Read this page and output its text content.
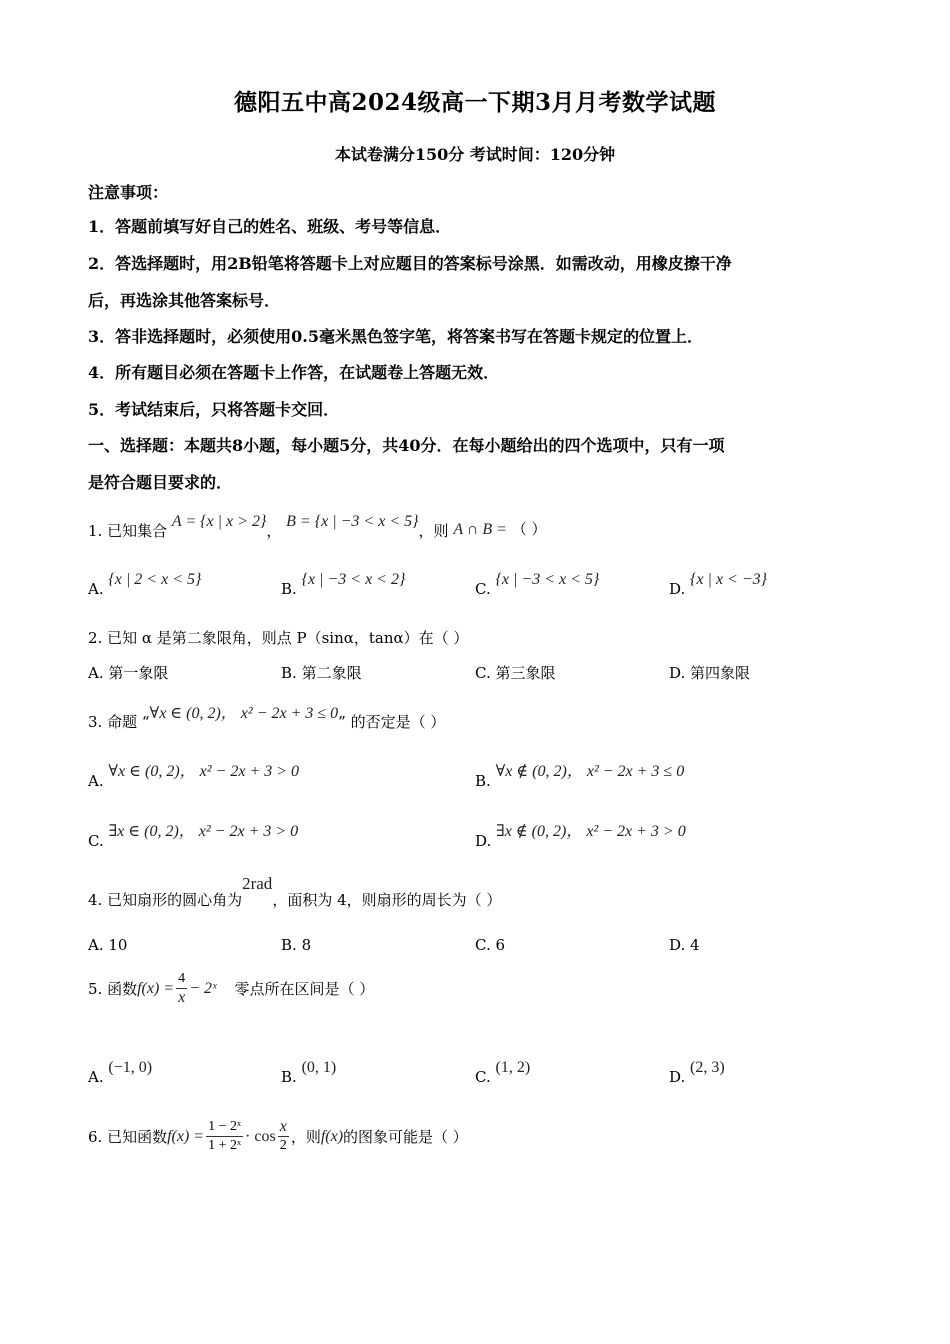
德阳五中高2024级高一下期3月月考数学试题
本试卷满分150分 考试时间：120分钟
注意事项：
1．答题前填写好自己的姓名、班级、考号等信息．
2．答选择题时，用2B铅笔将答题卡上对应题目的答案标号涂黑．如需改动，用橡皮擦干净
后，再选涂其他答案标号．
3．答非选择题时，必须使用0.5毫米黑色签字笔，将答案书写在答题卡规定的位置上．
4．所有题目必须在答题卡上作答，在试题卷上答题无效．
5．考试结束后，只将答题卡交回．
一、选择题：本题共8小题，每小题5分，共40分．在每小题给出的四个选项中，只有一项
是符合题目要求的．
1. 已知集合 A = {x | x > 2}， B = {x | −3 < x < 5}，则 A ∩ B = （ ）
A. {x | 2 < x < 5}
B. {x | −3 < x < 2}
C. {x | −3 < x < 5}
D. {x | x < −3}
2. 已知 α 是第二象限角，则点 P（sinα，tanα）在（ ）
A. 第一象限	B. 第二象限	C. 第三象限	D. 第四象限
3. 命题 “∀x ∈ (0, 2)， x² − 2x + 3 ≤ 0” 的否定是（ ）
A. ∀x ∈ (0, 2)， x² − 2x + 3 > 0
B. ∀x ∉ (0, 2)， x² − 2x + 3 ≤ 0
C. ∃x ∈ (0, 2)， x² − 2x + 3 > 0
D. ∃x ∉ (0, 2)， x² − 2x + 3 > 0
4. 已知扇形的圆心角为2rad，面积为 4，则扇形的周长为（ ）
A. 10	B. 8	C. 6	D. 4
5. 函数 $f(x) = \frac{4}{x}$ − 2ˣ 零点所在区间是（ ）
A. (−1, 0)
B. (0, 1)
C. (1, 2)
D. (2, 3)
6. 已知函数 $f(x) = \frac{\text{1 − 2ˣ}}{\text{1 + 2ˣ}} \cdot \cos \frac{x}{2}$ ，则 f(x) 的图象可能是（ ）
